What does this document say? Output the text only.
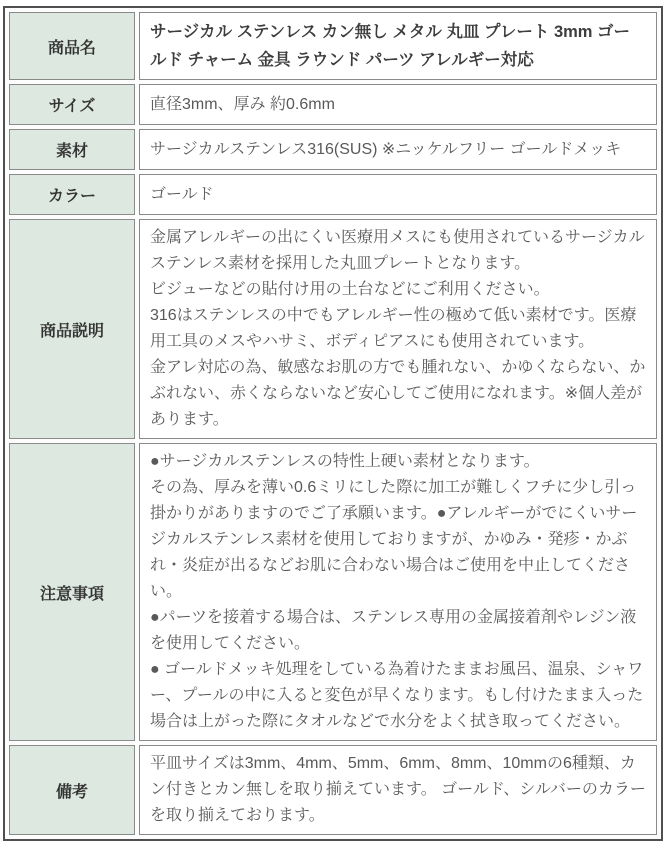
商品名	サージカル ステンレス カン無し メタル 丸皿 プレート 3mm ゴールド チャーム 金具 ラウンド パーツ アレルギー対応

サイズ	直径3mm、厚み 約0.6mm

素材	サージカルステンレス316(SUS) ※ニッケルフリー ゴールドメッキ

カラー	ゴールド

商品説明	金属アレルギーの出にくい医療用メスにも使用されているサージカルステンレス素材を採用した丸皿プレートとなります。

ビジューなどの貼付け用の土台などにご利用ください。

316はステンレスの中でもアレルギー性の極めて低い素材です。医療用工具のメスやハサミ、ボディピアスにも使用されています。

金アレ対応の為、敏感なお肌の方でも腫れない、かゆくならない、かぶれない、赤くならないなど安心してご使用になれます。※個人差があります。

注意事項	●サージカルステンレスの特性上硬い素材となります。

その為、厚みを薄い0.6ミリにした際に加工が難しくフチに少し引っ掛かりがありますのでご了承願います。●アレルギーがでにくいサージカルステンレス素材を使用しておりますが、かゆみ・発疹・かぶれ・炎症が出るなどお肌に合わない場合はご使用を中止してください。

●パーツを接着する場合は、ステンレス専用の金属接着剤やレジン液を使用してください。

● ゴールドメッキ処理をしている為着けたままお風呂、温泉、シャワー、プールの中に入ると変色が早くなります。もし付けたまま入った場合は上がった際にタオルなどで水分をよく拭き取ってください。

備考	平皿サイズは3mm、4mm、5mm、6mm、8mm、10mmの6種類、カン付きとカン無しを取り揃えています。 ゴールド、シルバーのカラーを取り揃えております。
